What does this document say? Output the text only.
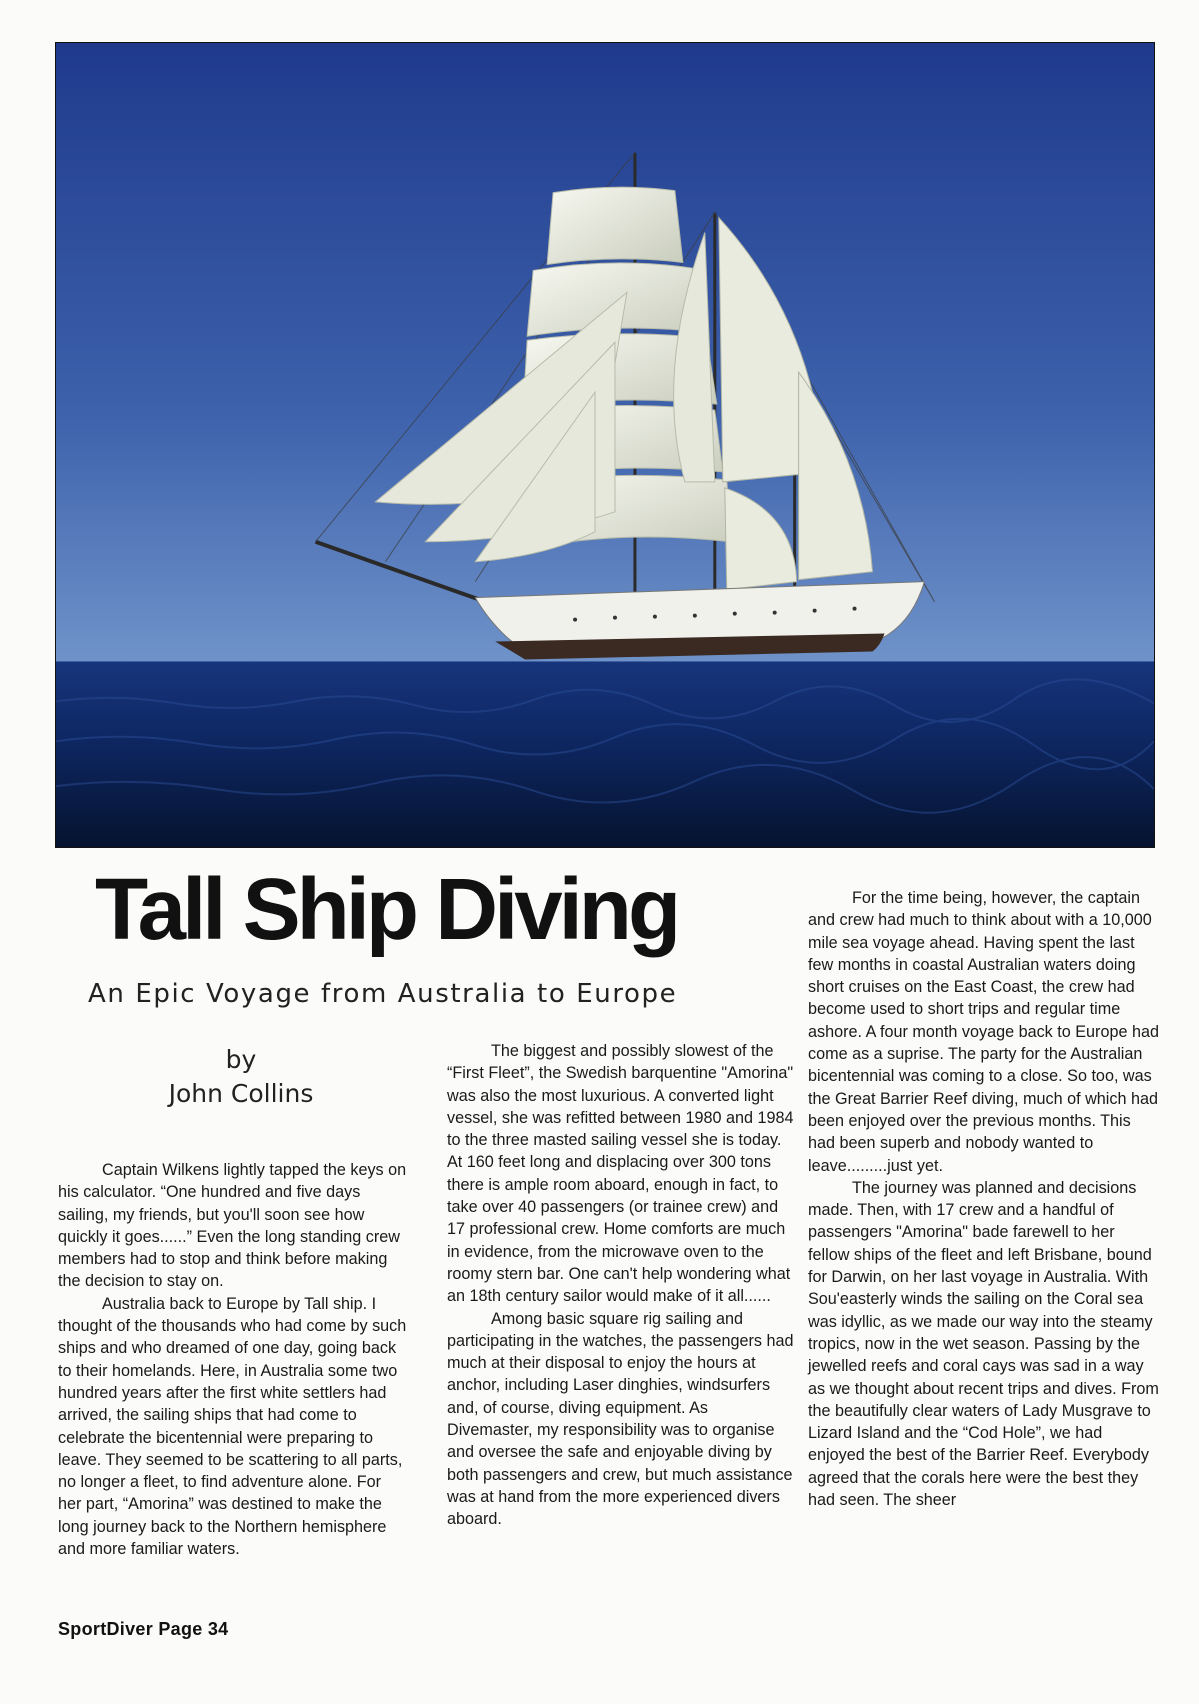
Tall Ship Diving
An Epic Voyage from Australia to Europe
by
John Collins

Captain Wilkens lightly tapped the keys on his calculator. “One hundred and five days sailing, my friends, but you'll soon see how quickly it goes......” Even the long standing crew members had to stop and think before making the decision to stay on.

Australia back to Europe by Tall ship. I thought of the thousands who had come by such ships and who dreamed of one day, going back to their homelands. Here, in Australia some two hundred years after the first white settlers had arrived, the sailing ships that had come to celebrate the bicentennial were preparing to leave. They seemed to be scattering to all parts, no longer a fleet, to find adventure alone. For her part, “Amorina” was destined to make the long journey back to the Northern hemisphere and more familiar waters.

The biggest and possibly slowest of the “First Fleet”, the Swedish barquentine "Amorina" was also the most luxurious. A converted light vessel, she was refitted between 1980 and 1984 to the three masted sailing vessel she is today. At 160 feet long and displacing over 300 tons there is ample room aboard, enough in fact, to take over 40 passengers (or trainee crew) and 17 professional crew. Home comforts are much in evidence, from the microwave oven to the roomy stern bar. One can't help wondering what an 18th century sailor would make of it all......

Among basic square rig sailing and participating in the watches, the passengers had much at their disposal to enjoy the hours at anchor, including Laser dinghies, windsurfers and, of course, diving equipment. As Divemaster, my responsibility was to organise and oversee the safe and enjoyable diving by both passengers and crew, but much assistance was at hand from the more experienced divers aboard.

For the time being, however, the captain and crew had much to think about with a 10,000 mile sea voyage ahead. Having spent the last few months in coastal Australian waters doing short cruises on the East Coast, the crew had become used to short trips and regular time ashore. A four month voyage back to Europe had come as a suprise. The party for the Australian bicentennial was coming to a close. So too, was the Great Barrier Reef diving, much of which had been enjoyed over the previous months. This had been superb and nobody wanted to leave.........just yet.

The journey was planned and decisions made. Then, with 17 crew and a handful of passengers "Amorina" bade farewell to her fellow ships of the fleet and left Brisbane, bound for Darwin, on her last voyage in Australia. With Sou'easterly winds the sailing on the Coral sea was idyllic, as we made our way into the steamy tropics, now in the wet season. Passing by the jewelled reefs and coral cays was sad in a way as we thought about recent trips and dives. From the beautifully clear waters of Lady Musgrave to Lizard Island and the “Cod Hole”, we had enjoyed the best of the Barrier Reef. Everybody agreed that the corals here were the best they had seen. The sheer

SportDiver Page 34
